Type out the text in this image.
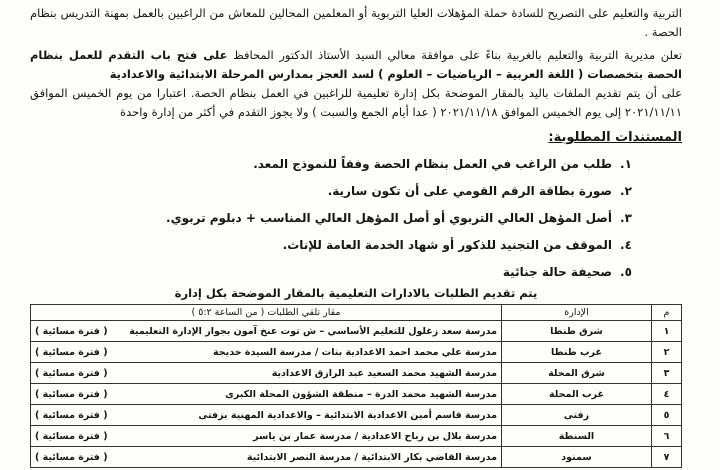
التربية والتعليم على التصريح للسادة حملة المؤهلات العليا التربوية أو المعلمين المحالين للمعاش من الراغبين بالعمل بمهنة التدريس بنظام الحصة .

تعلن مديرية التربية والتعليم بالغربية بناءً على موافقة معالي السيد الأستاذ الدكتور المحافظ على فتح باب التقدم للعمل بنظام الحصة بتخصصات ( اللغة العربية – الرياضيات – العلوم ) لسد العجز بمدارس المرحلة الابتدائية والاعدادية

على أن يتم تقديم الملفات باليد بالمقار الموضحة بكل إدارة تعليمية للراغبين في العمل بنظام الحصة. اعتبارا من يوم الخميس الموافق ٢٠٢١/١١/١١ إلى يوم الخميس الموافق ٢٠٢١/١١/١٨ ( عدا أيام الجمع والسبت ) ولا يجوز التقدم في أكثر من إدارة واحدة

المستندات المطلوبة:
١.
طلب من الراغب في العمل بنظام الحصة وفقاً للنموذج المعد.
٢.
صورة بطاقة الرقم القومي على أن تكون سارية.
٣.
أصل المؤهل العالي التربوي أو أصل المؤهل العالي المناسب + دبلوم تربوي.
٤.
الموقف من التجنيد للذكور أو شهاد الخدمة العامة للإناث.
٥.
صحيفة حالة جنائية
يتم تقديم الطلبات بالادارات التعليمية بالمقار الموضحة بكل إدارة
م	الإدارة	مقار تلقي الطلبات ( من الساعة ٥:٢ )
١	شرق طنطا	مدرسة سعد زغلول للتعليم الأساسي – ش توت عنخ آمون بجوار الإدارة التعليمية
( فترة مسائية )

٢	غرب طنطا	مدرسة علي محمد احمد الاعدادية بنات / مدرسة السيدة خديجة
( فترة مسائية )

٣	شرق المحلة	مدرسة الشهيد محمد السعيد عبد الرازق الاعدادية
( فترة مسائية )

٤	غرب المحلة	مدرسة الشهيد محمد الدرة – منطقة الشؤون المحلة الكبرى
( فترة مسائية )

٥	زفتى	مدرسة قاسم أمين الاعدادية الابتدائية – والاعدادية المهنية بزفتى
( فترة مسائية )

٦	السنطة	مدرسة بلال بن رباح الاعدادية / مدرسة عمار بن ياسر
( فترة مسائية )

٧	سمنود	مدرسة القاضي بكار الابتدائية / مدرسة النصر الابتدائية
( فترة مسائية )
